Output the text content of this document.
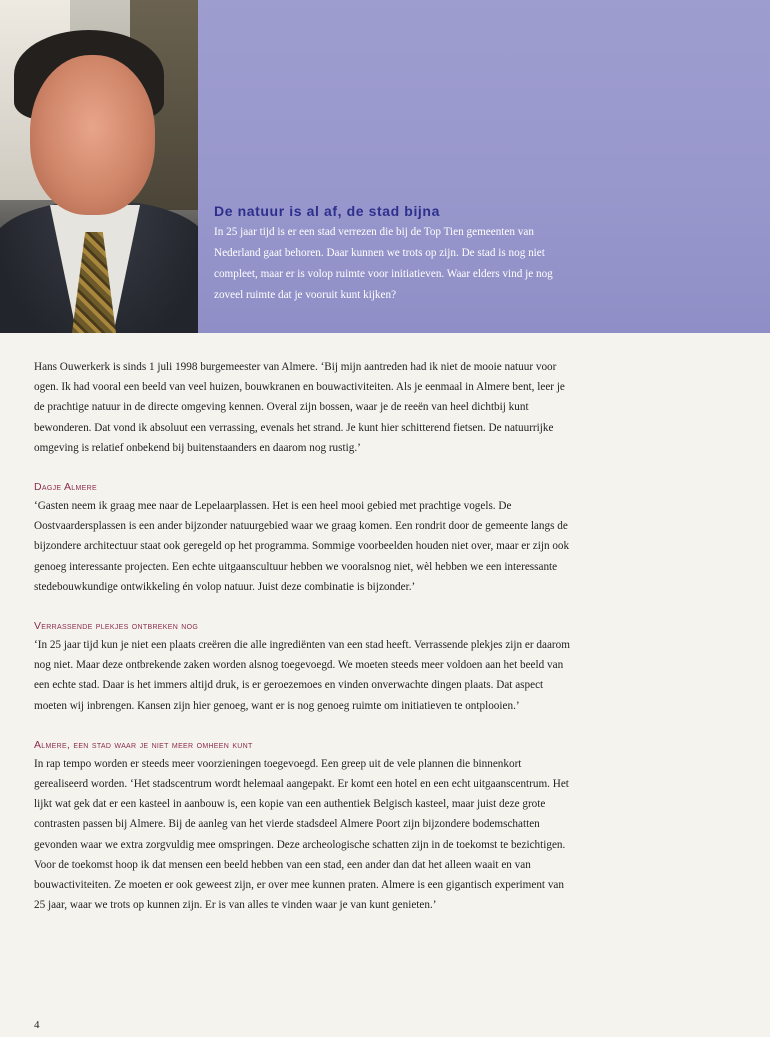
De natuur is al af, de stad bijna
In 25 jaar tijd is er een stad verrezen die bij de Top Tien gemeenten van Nederland gaat behoren. Daar kunnen we trots op zijn. De stad is nog niet compleet, maar er is volop ruimte voor initiatieven. Waar elders vind je nog zoveel ruimte dat je vooruit kunt kijken?

Hans Ouwerkerk is sinds 1 juli 1998 burgemeester van Almere. ‘Bij mijn aantreden had ik niet de mooie natuur voor ogen. Ik had vooral een beeld van veel huizen, bouwkranen en bouwactiviteiten. Als je eenmaal in Almere bent, leer je de prachtige natuur in de directe omgeving kennen. Overal zijn bossen, waar je de reeën van heel dichtbij kunt bewonderen. Dat vond ik absoluut een verrassing, evenals het strand. Je kunt hier schitterend fietsen. De natuurrijke omgeving is relatief onbekend bij buitenstaanders en daarom nog rustig.’

Dagje Almere

‘Gasten neem ik graag mee naar de Lepelaarplassen. Het is een heel mooi gebied met prachtige vogels. De Oostvaardersplassen is een ander bijzonder natuurgebied waar we graag komen. Een rondrit door de gemeente langs de bijzondere architectuur staat ook geregeld op het programma. Sommige voorbeelden houden niet over, maar er zijn ook genoeg interessante projecten. Een echte uitgaanscultuur hebben we vooralsnog niet, wèl hebben we een interessante stedebouwkundige ontwikkeling én volop natuur. Juist deze combinatie is bijzonder.’

Verrassende plekjes ontbreken nog

‘In 25 jaar tijd kun je niet een plaats creëren die alle ingrediënten van een stad heeft. Verrassende plekjes zijn er daarom nog niet. Maar deze ontbrekende zaken worden alsnog toegevoegd. We moeten steeds meer voldoen aan het beeld van een echte stad. Daar is het immers altijd druk, is er geroezemoes en vinden onverwachte dingen plaats. Dat aspect moeten wij inbrengen. Kansen zijn hier genoeg, want er is nog genoeg ruimte om initiatieven te ontplooien.’

Almere, een stad waar je niet meer omheen kunt

In rap tempo worden er steeds meer voorzieningen toegevoegd. Een greep uit de vele plannen die binnenkort gerealiseerd worden. ‘Het stadscentrum wordt helemaal aangepakt. Er komt een hotel en een echt uitgaanscentrum. Het lijkt wat gek dat er een kasteel in aanbouw is, een kopie van een authentiek Belgisch kasteel, maar juist deze grote contrasten passen bij Almere. Bij de aanleg van het vierde stadsdeel Almere Poort zijn bijzondere bodemschatten gevonden waar we extra zorgvuldig mee omspringen. Deze archeologische schatten zijn in de toekomst te bezichtigen. Voor de toekomst hoop ik dat mensen een beeld hebben van een stad, een ander dan dat het alleen waait en van bouwactiviteiten. Ze moeten er ook geweest zijn, er over mee kunnen praten. Almere is een gigantisch experiment van 25 jaar, waar we trots op kunnen zijn. Er is van alles te vinden waar je van kunt genieten.’

4
